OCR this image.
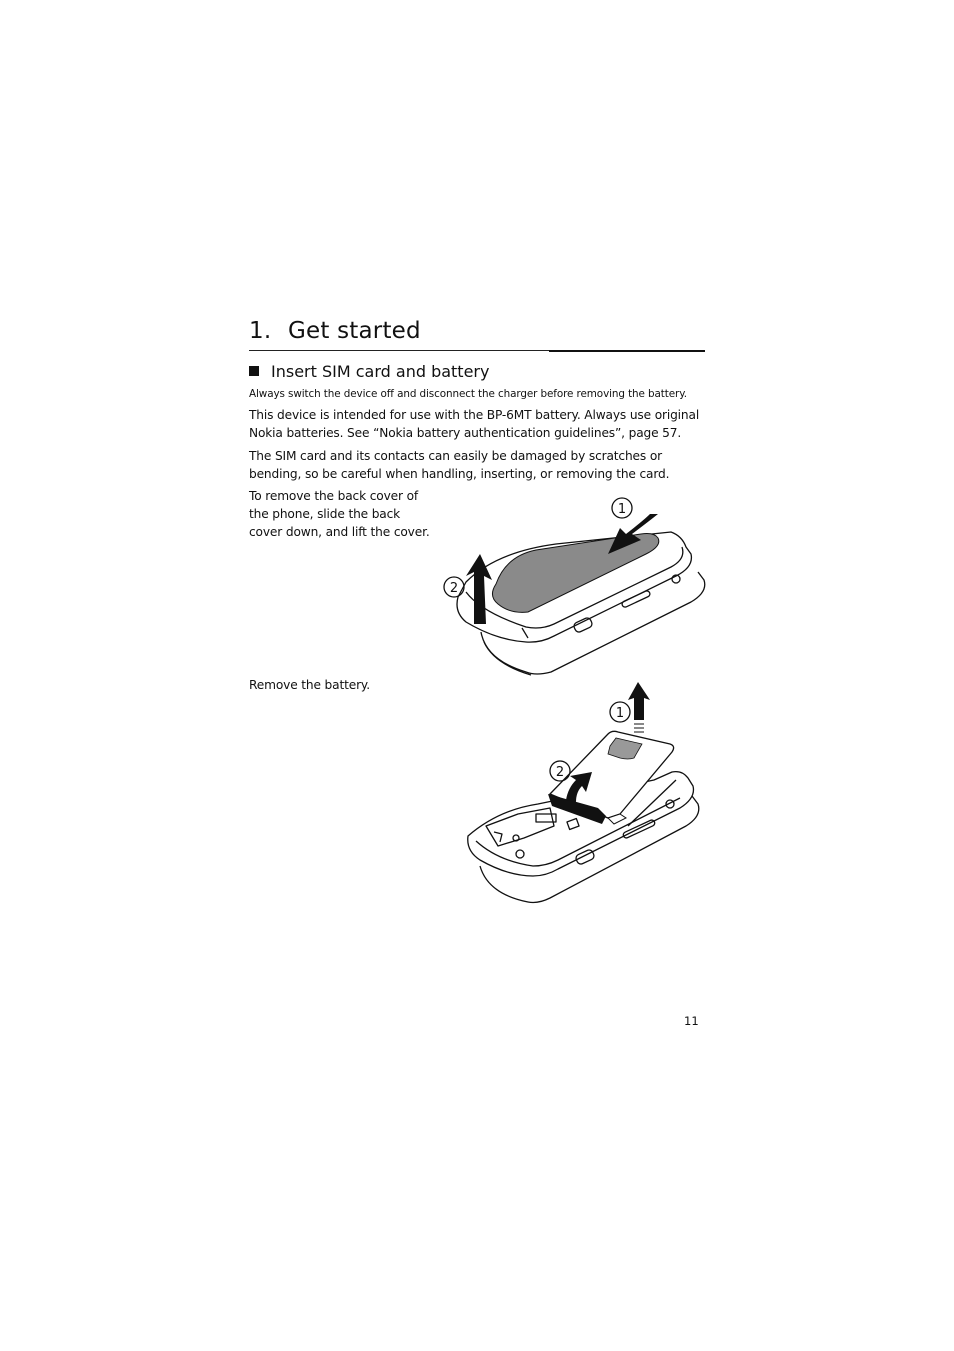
1. Get started
Insert SIM card and battery

Always switch the device off and disconnect the charger before removing the battery.

This device is intended for use with the BP-6MT battery. Always use original Nokia batteries. See “Nokia battery authentication guidelines”, page 57.

The SIM card and its contacts can easily be damaged by scratches or bending, so be careful when handling, inserting, or removing the card.

To remove the back cover of the phone, slide the back cover down, and lift the cover.

1
2

Remove the battery.

1
2

11
